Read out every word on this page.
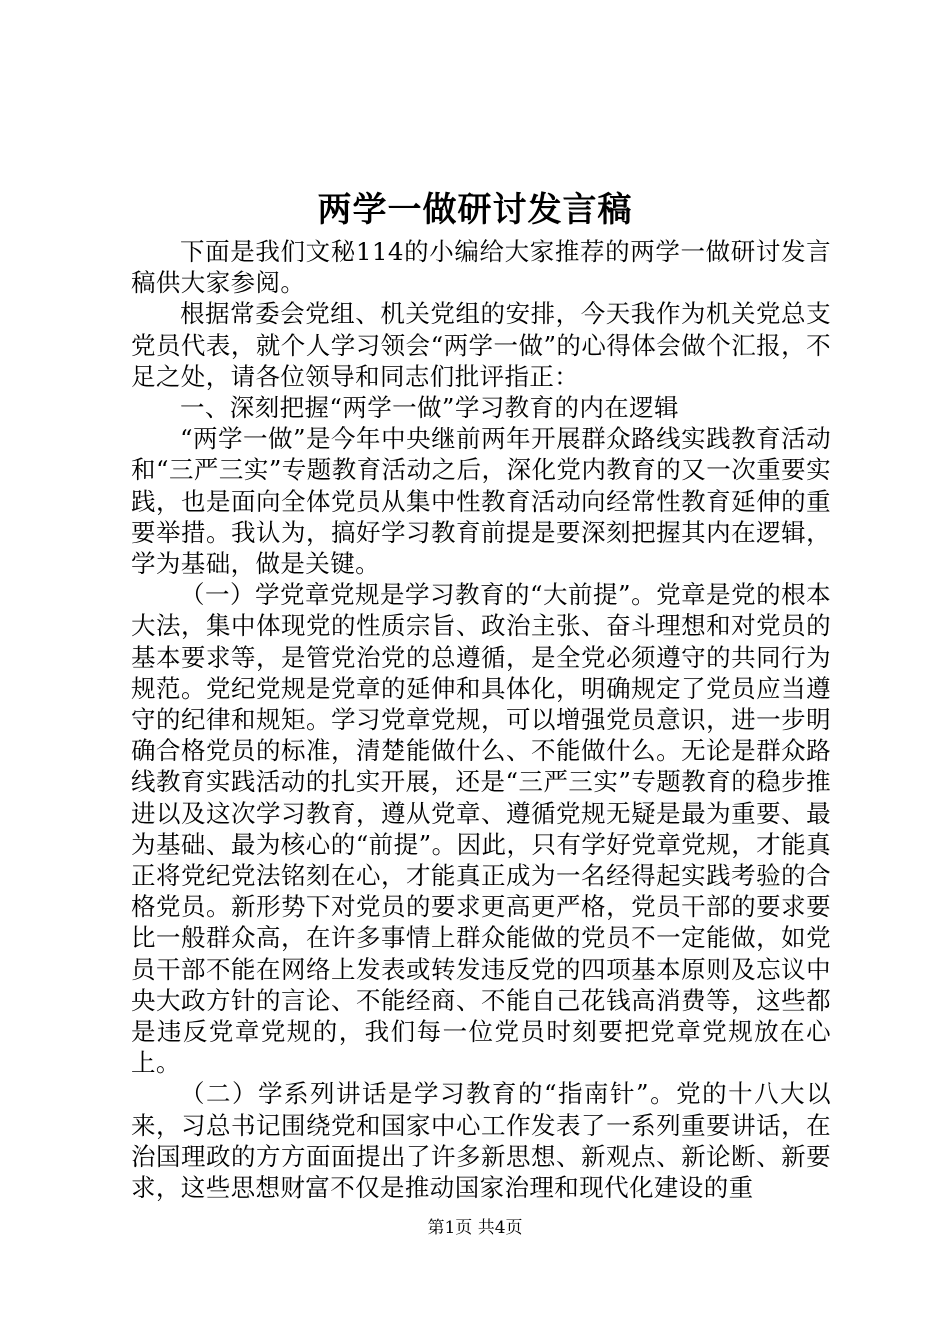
两学一做研讨发言稿

下面是我们文秘114的小编给大家推荐的两学一做研讨发言稿供大家参阅。

根据常委会党组、机关党组的安排，今天我作为机关党总支党员代表，就个人学习领会“两学一做”的心得体会做个汇报，不足之处，请各位领导和同志们批评指正：

一、深刻把握“两学一做”学习教育的内在逻辑

“两学一做”是今年中央继前两年开展群众路线实践教育活动和“三严三实”专题教育活动之后，深化党内教育的又一次重要实践，也是面向全体党员从集中性教育活动向经常性教育延伸的重要举措。我认为，搞好学习教育前提是要深刻把握其内在逻辑，学为基础，做是关键。

（一）学党章党规是学习教育的“大前提”。党章是党的根本大法，集中体现党的性质宗旨、政治主张、奋斗理想和对党员的基本要求等，是管党治党的总遵循，是全党必须遵守的共同行为规范。党纪党规是党章的延伸和具体化，明确规定了党员应当遵守的纪律和规矩。学习党章党规，可以增强党员意识，进一步明确合格党员的标准，清楚能做什么、不能做什么。无论是群众路线教育实践活动的扎实开展，还是“三严三实”专题教育的稳步推进以及这次学习教育，遵从党章、遵循党规无疑是最为重要、最为基础、最为核心的“前提”。因此，只有学好党章党规，才能真正将党纪党法铭刻在心，才能真正成为一名经得起实践考验的合格党员。新形势下对党员的要求更高更严格，党员干部的要求要比一般群众高，在许多事情上群众能做的党员不一定能做，如党员干部不能在网络上发表或转发违反党的四项基本原则及忘议中央大政方针的言论、不能经商、不能自己花钱高消费等，这些都是违反党章党规的，我们每一位党员时刻要把党章党规放在心上。

（二）学系列讲话是学习教育的“指南针”。党的十八大以来，习总书记围绕党和国家中心工作发表了一系列重要讲话，在治国理政的方方面面提出了许多新思想、新观点、新论断、新要求，这些思想财富不仅是推动国家治理和现代化建设的重

第1页 共4页
